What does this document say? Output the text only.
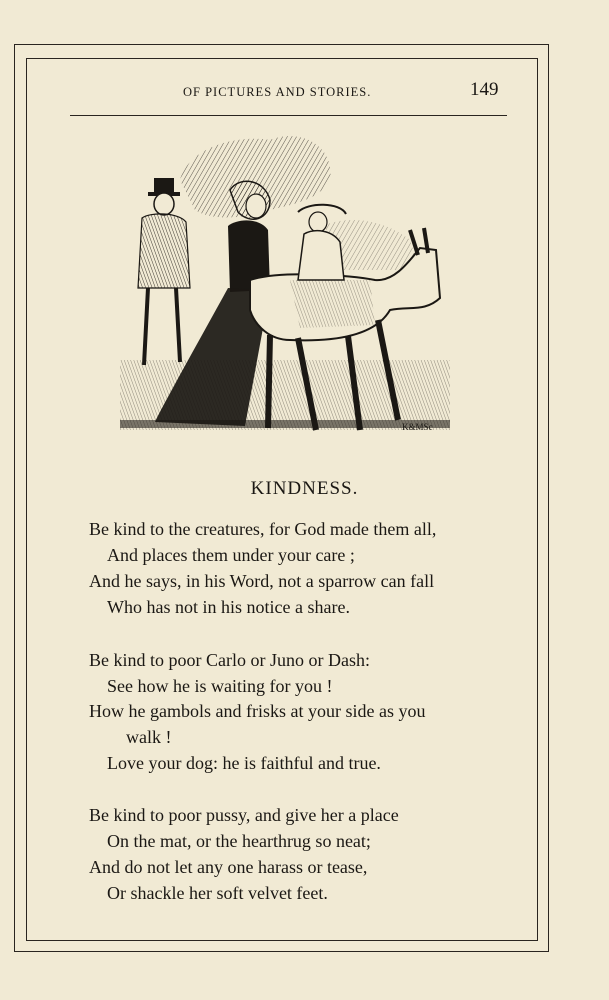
OF PICTURES AND STORIES.	149
K&MSc
KINDNESS.
Be kind to the creatures, for God made them all,
And places them under your care ;
And he says, in his Word, not a sparrow can fall
Who has not in his notice a share.
Be kind to poor Carlo or Juno or Dash:
See how he is waiting for you !
How he gambols and frisks at your side as you
walk !
Love your dog: he is faithful and true.
Be kind to poor pussy, and give her a place
On the mat, or the hearthrug so neat;
And do not let any one harass or tease,
Or shackle her soft velvet feet.
